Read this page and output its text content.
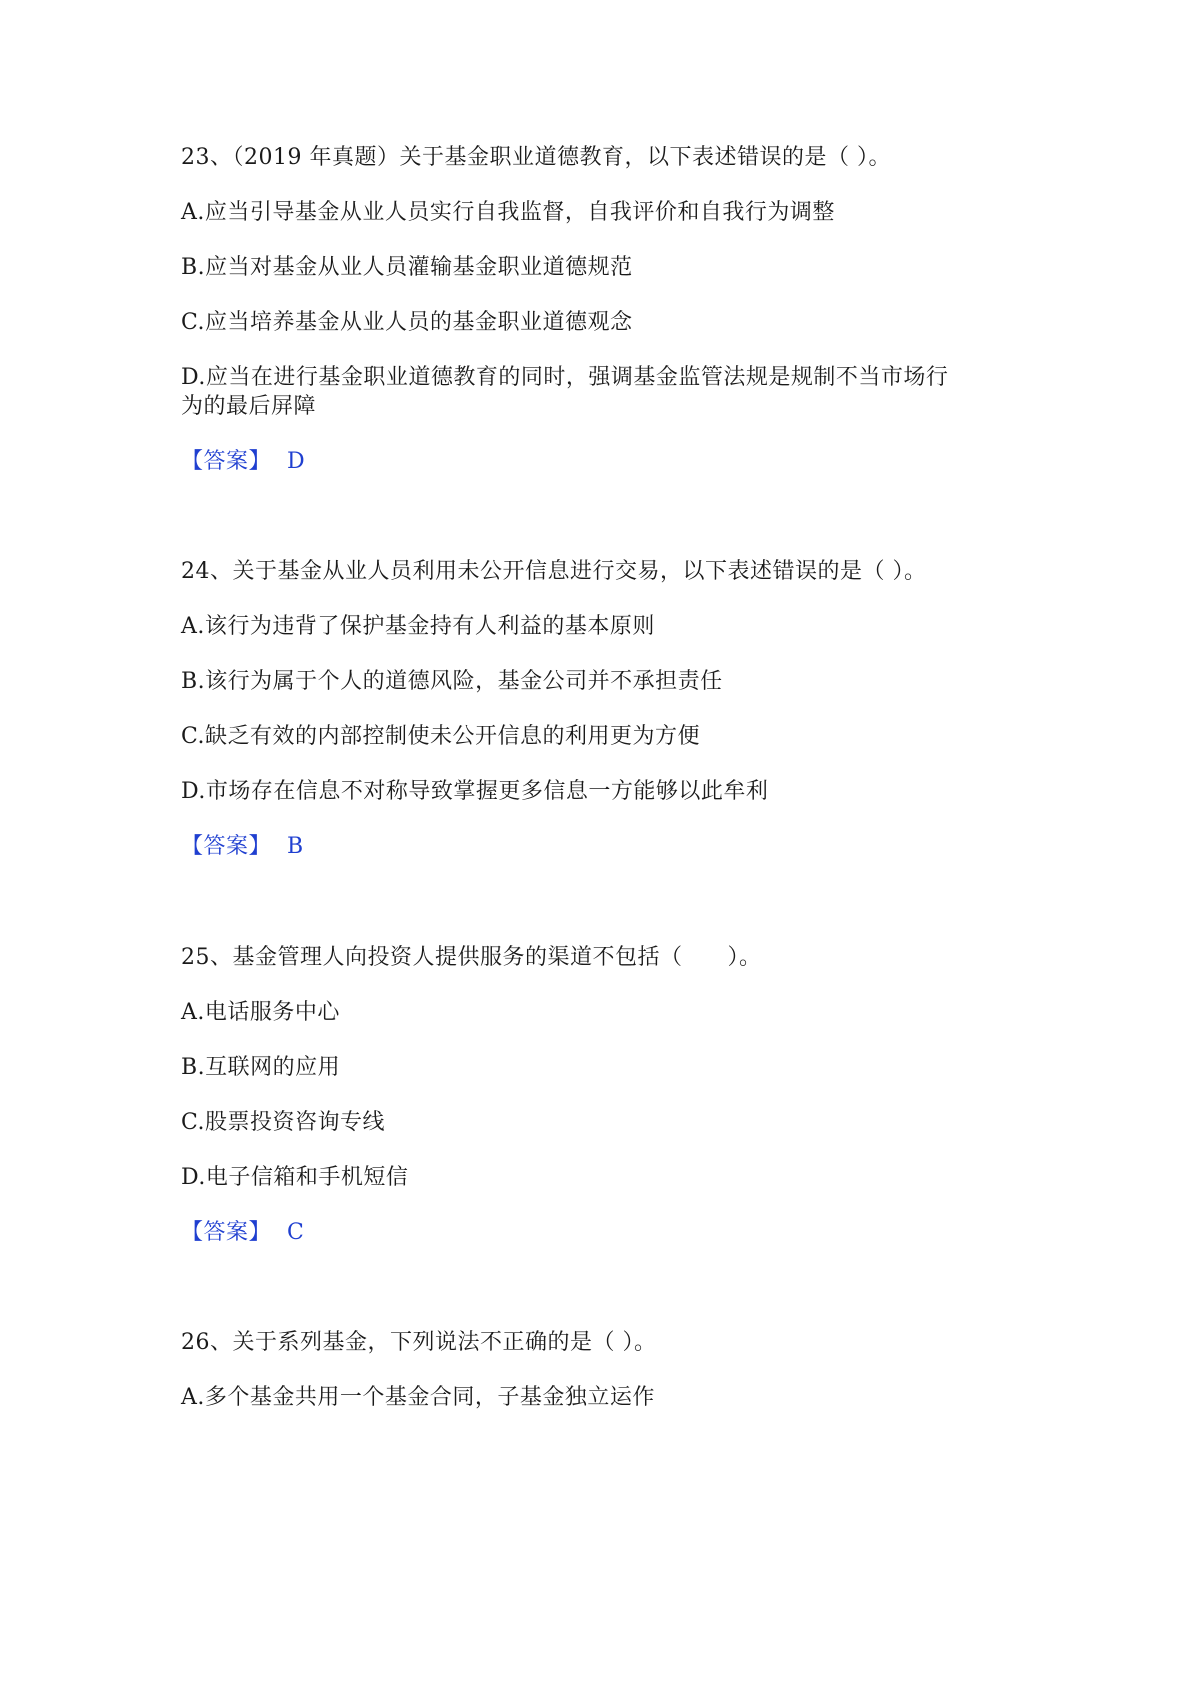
23、（2019 年真题）关于基金职业道德教育，以下表述错误的是（ ）。
A.应当引导基金从业人员实行自我监督，自我评价和自我行为调整
B.应当对基金从业人员灌输基金职业道德规范
C.应当培养基金从业人员的基金职业道德观念
D.应当在进行基金职业道德教育的同时，强调基金监管法规是规制不当市场行
为的最后屏障
【答案】 D
24、关于基金从业人员利用未公开信息进行交易，以下表述错误的是（ ）。
A.该行为违背了保护基金持有人利益的基本原则
B.该行为属于个人的道德风险，基金公司并不承担责任
C.缺乏有效的内部控制使未公开信息的利用更为方便
D.市场存在信息不对称导致掌握更多信息一方能够以此牟利
【答案】 B
25、基金管理人向投资人提供服务的渠道不包括（　　）。
A.电话服务中心
B.互联网的应用
C.股票投资咨询专线
D.电子信箱和手机短信
【答案】 C
26、关于系列基金，下列说法不正确的是（ ）。
A.多个基金共用一个基金合同，子基金独立运作
